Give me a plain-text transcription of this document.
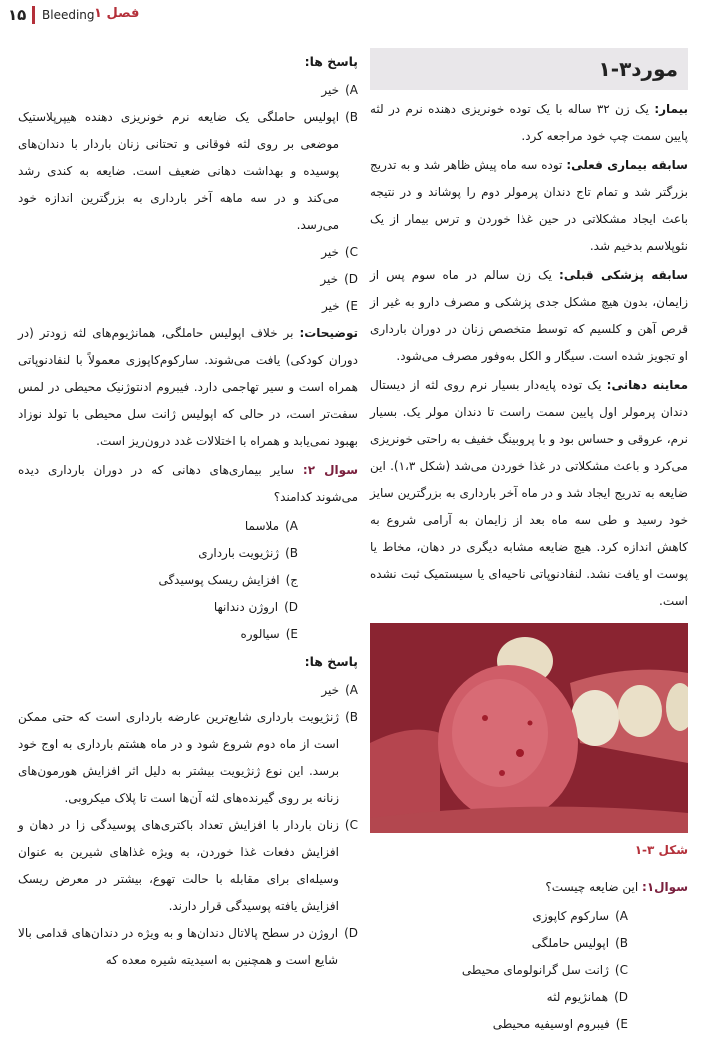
۱۵ Bleeding فصل ۱
پاسخ ها:
A)
خیر
B)
اپولیس حاملگی یک ضایعه نرم خونریزی دهنده هیپرپلاستیک موضعی بر روی لثه فوقانی و تحتانی زنان باردار با دندان‌های پوسیده و بهداشت دهانی ضعیف است. ضایعه به کندی رشد می‌کند و در سه ماهه آخر بارداری به بزرگترین اندازه خود می‌رسد.
C)
خیر
D)
خیر
E)
خیر

توضیحات: بر خلاف اپولیس حاملگی، همانژیوم‌های لثه زودتر (در دوران کودکی) یافت می‌شوند. سارکوم‌کاپوزی معمولاً با لنفادنوپاتی همراه است و سیر تهاجمی دارد. فیبروم ادنتوژنیک محیطی در لمس سفت‌تر است، در حالی که اپولیس ژانت سل محیطی با تولد نوزاد بهبود نمی‌یابد و همراه با اختلالات غدد درون‌ریز است.

سوال ۲: سایر بیماری‌های دهانی که در دوران بارداری دیده می‌شوند کدامند؟

A)
ملاسما
B)
ژنژیویت بارداری
ج)
افزایش ریسک پوسیدگی
D)
اروژن دندانها
E)
سیالوره
پاسخ ها:
A)
خیر
B)
ژنژیویت بارداری شایع‌ترین عارضه بارداری است که حتی ممکن است از ماه دوم شروع شود و در ماه هشتم بارداری به اوج خود برسد. این نوع ژنژیویت بیشتر به دلیل اثر افزایش هورمون‌های زنانه بر روی گیرنده‌های لثه آن‌ها است تا پلاک میکروبی.
C)
زنان باردار با افزایش تعداد باکتری‌های پوسیدگی زا در دهان و افزایش دفعات غذا خوردن، به ویژه غذاهای شیرین به عنوان وسیله‌ای برای مقابله با حالت تهوع، بیشتر در معرض ریسک افزایش یافته پوسیدگی قرار دارند.
D)
اروژن در سطح پالاتال دندان‌ها و به ویژه در دندان‌های قدامی بالا شایع است و همچنین به اسیدیته شیره معده که
مورد۳-۱

بیمار: یک زن ۳۲ ساله با یک توده خونریزی دهنده نرم در لثه پایین سمت چپ خود مراجعه کرد.

سابقه بیماری فعلی: توده سه ماه پیش ظاهر شد و به تدریج بزرگتر شد و تمام تاج دندان پرمولر دوم را پوشاند و در نتیجه باعث ایجاد مشکلاتی در حین غذا خوردن و ترس بیمار از یک نئوپلاسم بدخیم شد.

سابقه پزشکی قبلی: یک زن سالم در ماه سوم پس از زایمان، بدون هیچ مشکل جدی پزشکی و مصرف دارو به غیر از قرص آهن و کلسیم که توسط متخصص زنان در دوران بارداری او تجویز شده است. سیگار و الکل به‌وفور مصرف می‌شود.

معاینه دهانی: یک توده پایه‌دار بسیار نرم روی لثه از دیستال دندان پرمولر اول پایین سمت راست تا دندان مولر یک. بسیار نرم، عروقی و حساس بود و با پروبینگ خفیف به راحتی خونریزی می‌کرد و باعث مشکلاتی در غذا خوردن می‌شد (شکل ۱،۳). این ضایعه به تدریج ایجاد شد و در ماه آخر بارداری به بزرگترین سایز خود رسید و طی سه ماه بعد از زایمان به آرامی شروع به کاهش اندازه کرد. هیچ ضایعه مشابه دیگری در دهان، مخاط یا پوست او یافت نشد. لنفادنوپاتی ناحیه‌ای یا سیستمیک ثبت نشده است.

شکل ۳-۱

سوال۱: این ضایعه چیست؟

A)
سارکوم کاپوزی
B)
اپولیس حاملگی
C)
ژانت سل گرانولومای محیطی
D)
همانژیوم لثه
E)
فیبروم اوسیفیه محیطی
